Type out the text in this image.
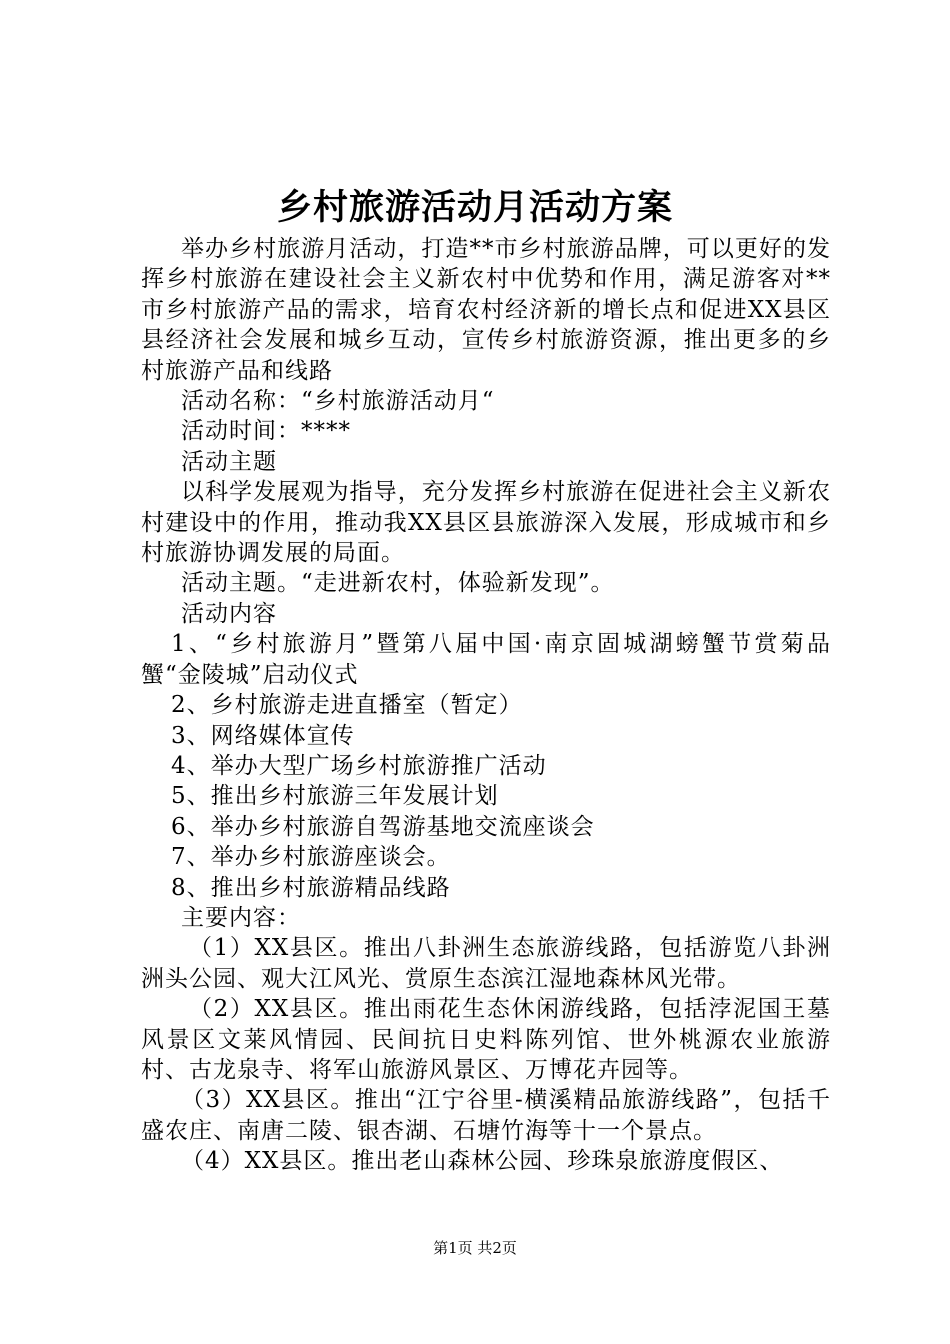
乡村旅游活动月活动方案

举办乡村旅游月活动，打造**市乡村旅游品牌，可以更好的发挥乡村旅游在建设社会主义新农村中优势和作用，满足游客对**市乡村旅游产品的需求，培育农村经济新的增长点和促进XX县区县经济社会发展和城乡互动，宣传乡村旅游资源，推出更多的乡村旅游产品和线路

活动名称：“乡村旅游活动月“

活动时间：****

活动主题

以科学发展观为指导，充分发挥乡村旅游在促进社会主义新农村建设中的作用，推动我XX县区县旅游深入发展，形成城市和乡村旅游协调发展的局面。

活动主题。“走进新农村，体验新发现”。

活动内容

1、“乡村旅游月”暨第八届中国·南京固城湖螃蟹节赏菊品蟹“金陵城”启动仪式

2、乡村旅游走进直播室（暂定）

3、网络媒体宣传

4、举办大型广场乡村旅游推广活动

5、推出乡村旅游三年发展计划

6、举办乡村旅游自驾游基地交流座谈会

7、举办乡村旅游座谈会。

8、推出乡村旅游精品线路

主要内容：

（1）XX县区。推出八卦洲生态旅游线路，包括游览八卦洲洲头公园、观大江风光、赏原生态滨江湿地森林风光带。

（2）XX县区。推出雨花生态休闲游线路，包括浡泥国王墓风景区文莱风情园、民间抗日史料陈列馆、世外桃源农业旅游村、古龙泉寺、将军山旅游风景区、万博花卉园等。

（3）XX县区。推出“江宁谷里-横溪精品旅游线路”，包括千盛农庄、南唐二陵、银杏湖、石塘竹海等十一个景点。

（4）XX县区。推出老山森林公园、珍珠泉旅游度假区、

第1页 共2页
